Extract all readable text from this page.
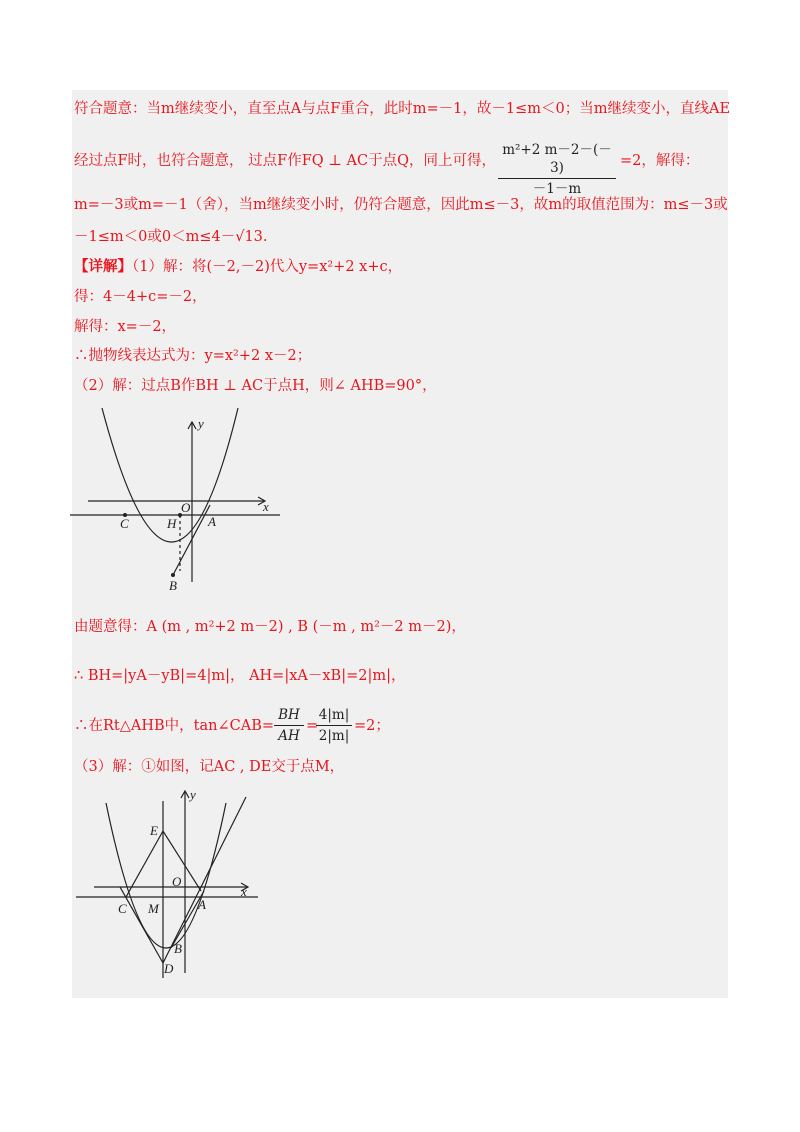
符合题意：当m继续变小，直至点A与点F重合，此时m=－1，故－1≤m＜0；当m继续变小，直线AE
经过点F时，也符合题意， 过点F作FQ ⊥ AC于点Q，同上可得，
m²+2 m－2－(－3)
－1－m
=2，解得：
m=－3或m=－1（舍），当m继续变小时，仍符合题意，因此m≤－3，故m的取值范围为：m≤－3或
－1≤m＜0或0＜m≤4－√13.
【详解】（1）解：将(－2,－2)代入y=x²+2 x+c，
得：4－4+c=－2，
解得：x=－2，
∴抛物线表达式为：y=x²+2 x－2；
（2）解：过点B作BH ⊥ AC于点H，则∠ AHB=90°，
x
y
O
C	H A
B
由题意得：A (m , m²+2 m－2) , B (－m , m²－2 m－2)，
∴ BH=|yA－yB|=4|m|， AH=|xA－xB|=2|m|，
∴在Rt△AHB中，tan∠CAB=
BH
AH
=
4|m|
2|m|
=2；
（3）解：①如图，记AC , DE交于点M，
x
y
O
C M	A
B
D
E
